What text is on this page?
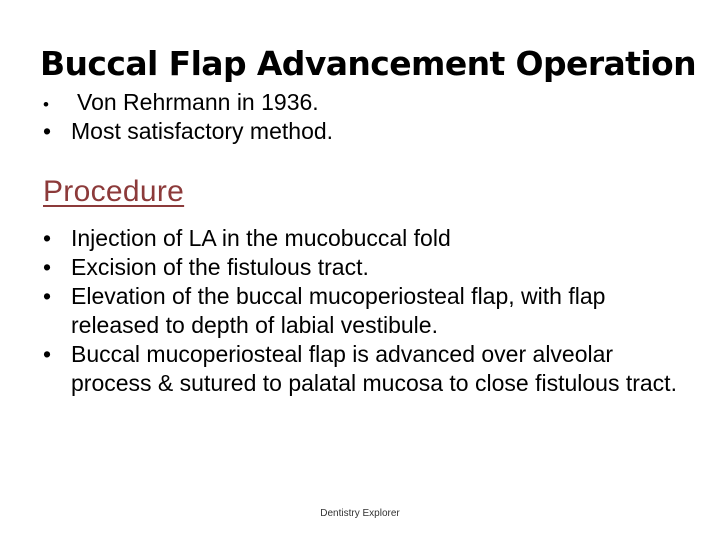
Buccal Flap Advancement Operation
•	Von Rehrmann in 1936.
• Most satisfactory method.
Procedure
• Injection of LA in the mucobuccal fold
• Excision of the fistulous tract.
• Elevation of the buccal mucoperiosteal flap, with flap released to depth of labial vestibule.
• Buccal mucoperiosteal flap is advanced over alveolar process & sutured to palatal mucosa to close fistulous tract.
Dentistry Explorer
